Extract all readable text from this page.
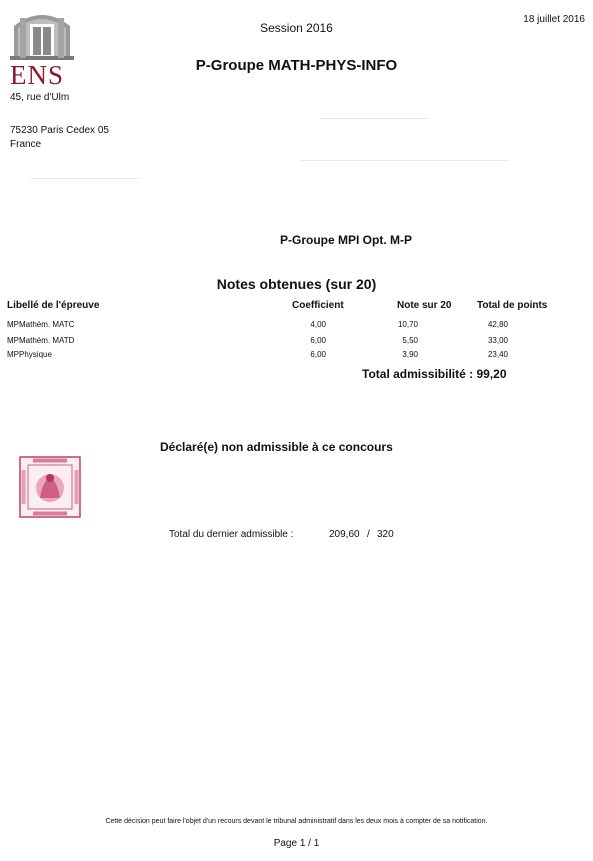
ENS
45, rue d'Ulm
75230 Paris Cedex 05
France
Session 2016
18 juillet 2016
P-Groupe MATH-PHYS-INFO
P-Groupe MPI Opt. M-P
Notes obtenues (sur 20)
Libellé de l'épreuve	Coefficient	Note sur 20	Total de points
MPMathém. MATC	4,00	10,70	42,80
MPMathém. MATD	6,00	5,50	33,00
MPPhysique	6,00	3,90	23,40
Total admissibilité : 99,20
Déclaré(e) non admissible à ce concours
Total du dernier admissible :	209,60 / 320
Cette décision peut faire l'objet d'un recours devant le tribunal administratif dans les deux mois à compter de sa notification.
Page 1 / 1
